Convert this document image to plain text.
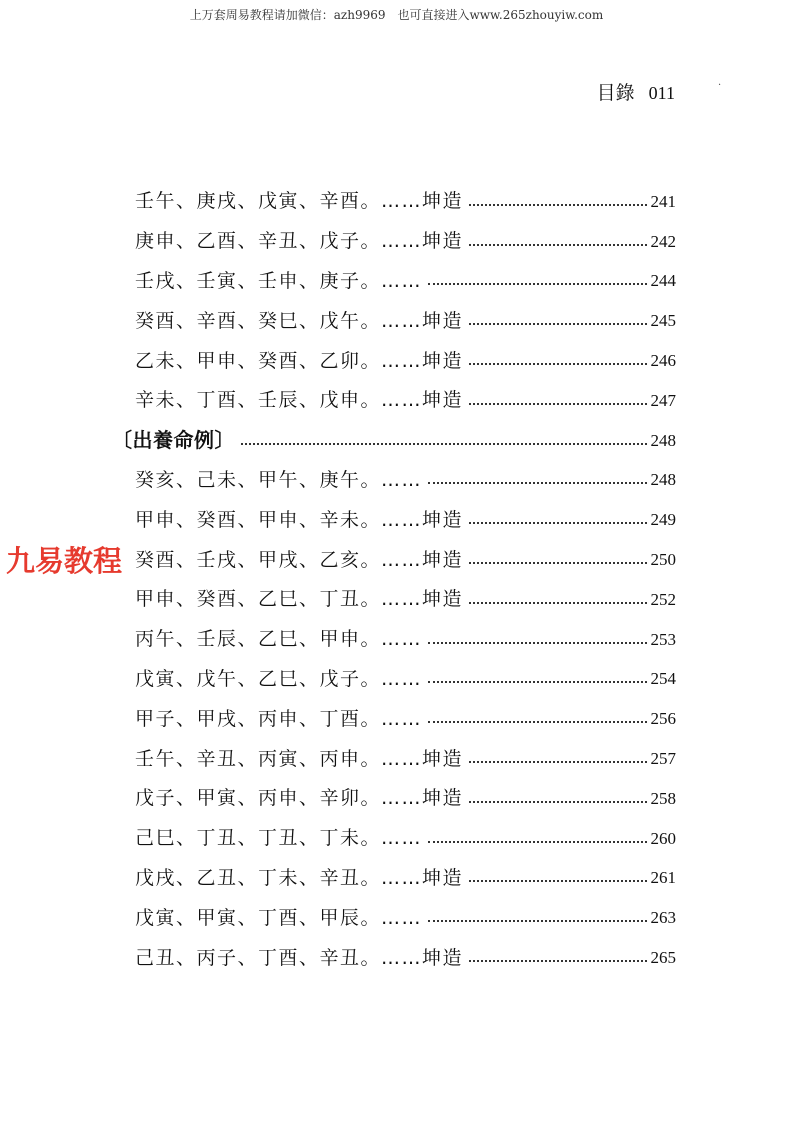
上万套周易教程请加微信：azh9969　也可直接进入www.265zhouyiw.com
目錄 011	·
壬午、庚戌、戊寅、辛酉。……坤造	241
庚申、乙酉、辛丑、戊子。……坤造	242
壬戌、壬寅、壬申、庚子。……	244
癸酉、辛酉、癸巳、戊午。……坤造	245
乙未、甲申、癸酉、乙卯。……坤造	246
辛未、丁酉、壬辰、戊申。……坤造	247
〔出養命例〕	248
癸亥、己未、甲午、庚午。……	248
甲申、癸酉、甲申、辛未。……坤造	249
癸酉、壬戌、甲戌、乙亥。……坤造	250
甲申、癸酉、乙巳、丁丑。……坤造	252
丙午、壬辰、乙巳、甲申。……	253
戊寅、戊午、乙巳、戊子。……	254
甲子、甲戌、丙申、丁酉。……	256
壬午、辛丑、丙寅、丙申。……坤造	257
戊子、甲寅、丙申、辛卯。……坤造	258
己巳、丁丑、丁丑、丁未。……	260
戊戌、乙丑、丁未、辛丑。……坤造	261
戊寅、甲寅、丁酉、甲辰。……	263
己丑、丙子、丁酉、辛丑。……坤造	265
九易教程
